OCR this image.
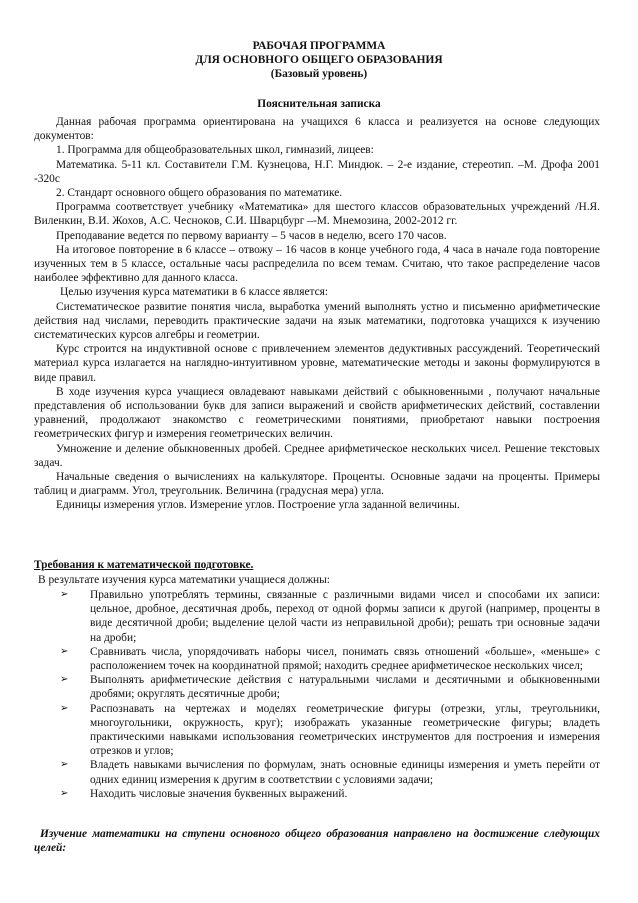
РАБОЧАЯ ПРОГРАММА
ДЛЯ ОСНОВНОГО ОБЩЕГО ОБРАЗОВАНИЯ
(Базовый уровень)
Пояснительная записка

Данная рабочая программа ориентирована на учащихся 6 класса и реализуется на основе следующих документов:

1. Программа для общеобразовательных школ, гимназий, лицеев:

Математика. 5-11 кл. Составители Г.М. Кузнецова, Н.Г. Миндюк. – 2-е издание, стереотип. –М. Дрофа 2001 -320с

2. Стандарт основного общего образования по математике.

Программа соответствует учебнику «Математика» для шестого классов образовательных учреждений /Н.Я. Виленкин, В.И. Жохов, А.С. Чесноков, С.И. Шварцбург –-М. Мнемозина, 2002-2012 гг.

Преподавание ведется по первому варианту – 5 часов в неделю, всего 170 часов.

На итоговое повторение в 6 классе – отвожу – 16 часов в конце учебного года, 4 часа в начале года повторение изученных тем в 5 классе, остальные часы распределила по всем темам. Считаю, что такое распределение часов наиболее эффективно для данного класса.

Целью изучения курса математики в 6 классе является:

Систематическое развитие понятия числа, выработка умений выполнять устно и письменно арифметические действия над числами, переводить практические задачи на язык математики, подготовка учащихся к изучению систематических курсов алгебры и геометрии.

Курс строится на индуктивной основе с привлечением элементов дедуктивных рассуждений. Теоретический материал курса излагается на наглядно-интуитивном уровне, математические методы и законы формулируются в виде правил.

В ходе изучения курса учащиеся овладевают навыками действий с обыкновенными , получают начальные представления об использовании букв для записи выражений и свойств арифметических действий, составлении уравнений, продолжают знакомство с геометрическими понятиями, приобретают навыки построения геометрических фигур и измерения геометрических величин.

Умножение и деление обыкновенных дробей. Среднее арифметическое нескольких чисел. Решение текстовых задач.

Начальные сведения о вычислениях на калькуляторе. Проценты. Основные задачи на проценты. Примеры таблиц и диаграмм. Угол, треугольник. Величина (градусная мера) угла.

Единицы измерения углов. Измерение углов. Построение угла заданной величины.

Требования к математической подготовке.
В результате изучения курса математики учащиеся должны:
➢
Правильно употреблять термины, связанные с различными видами чисел и способами их записи: цельное, дробное, десятичная дробь, переход от одной формы записи к другой (например, проценты в виде десятичной дроби; выделение целой части из неправильной дроби); решать три основные задачи на дроби;
➢
Сравнивать числа, упорядочивать наборы чисел, понимать связь отношений «больше», «меньше» с расположением точек на координатной прямой; находить среднее арифметическое нескольких чисел;
➢
Выполнять арифметические действия с натуральными числами и десятичными и обыкновенными дробями; округлять десятичные дроби;
➢
Распознавать на чертежах и моделях геометрические фигуры (отрезки, углы, треугольники, многоугольники, окружность, круг); изображать указанные геометрические фигуры; владеть практическими навыками использования геометрических инструментов для построения и измерения отрезков и углов;
➢
Владеть навыками вычисления по формулам, знать основные единицы измерения и уметь перейти от одних единиц измерения к другим в соответствии с условиями задачи;
➢
Находить числовые значения буквенных выражений.
Изучение математики на ступени основного общего образования направлено на достижение следующих целей:
